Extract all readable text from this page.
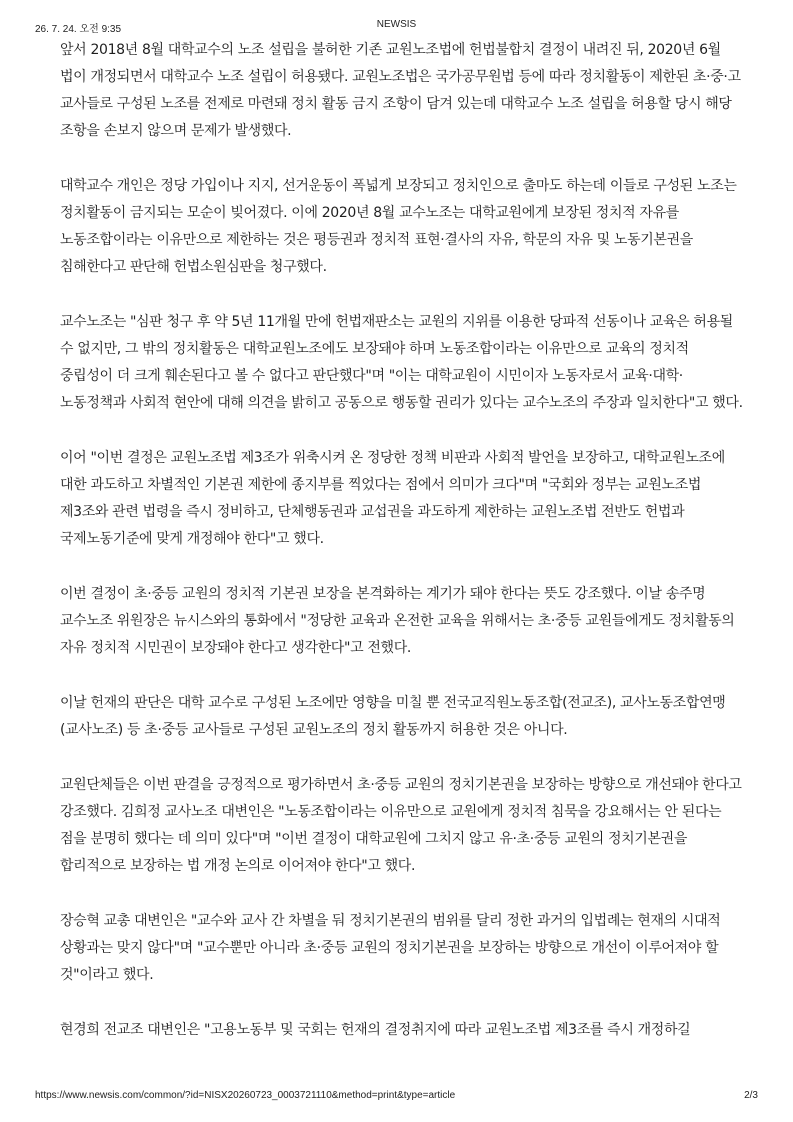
26. 7. 24. 오전 9:35	NEWSIS

앞서 2018년 8월 대학교수의 노조 설립을 불허한 기존 교원노조법에 헌법불합치 결정이 내려진 뒤, 2020년 6월 법이 개정되면서 대학교수 노조 설립이 허용됐다. 교원노조법은 국가공무원법 등에 따라 정치활동이 제한된 초·중·고 교사들로 구성된 노조를 전제로 마련돼 정치 활동 금지 조항이 담겨 있는데 대학교수 노조 설립을 허용할 당시 해당 조항을 손보지 않으며 문제가 발생했다.

대학교수 개인은 정당 가입이나 지지, 선거운동이 폭넓게 보장되고 정치인으로 출마도 하는데 이들로 구성된 노조는 정치활동이 금지되는 모순이 빚어졌다. 이에 2020년 8월 교수노조는 대학교원에게 보장된 정치적 자유를 노동조합이라는 이유만으로 제한하는 것은 평등권과 정치적 표현·결사의 자유, 학문의 자유 및 노동기본권을 침해한다고 판단해 헌법소원심판을 청구했다.

교수노조는 "심판 청구 후 약 5년 11개월 만에 헌법재판소는 교원의 지위를 이용한 당파적 선동이나 교육은 허용될 수 없지만, 그 밖의 정치활동은 대학교원노조에도 보장돼야 하며 노동조합이라는 이유만으로 교육의 정치적 중립성이 더 크게 훼손된다고 볼 수 없다고 판단했다"며 "이는 대학교원이 시민이자 노동자로서 교육·대학·노동정책과 사회적 현안에 대해 의견을 밝히고 공동으로 행동할 권리가 있다는 교수노조의 주장과 일치한다"고 했다.

이어 "이번 결정은 교원노조법 제3조가 위축시켜 온 정당한 정책 비판과 사회적 발언을 보장하고, 대학교원노조에 대한 과도하고 차별적인 기본권 제한에 종지부를 찍었다는 점에서 의미가 크다"며 "국회와 정부는 교원노조법 제3조와 관련 법령을 즉시 정비하고, 단체행동권과 교섭권을 과도하게 제한하는 교원노조법 전반도 헌법과 국제노동기준에 맞게 개정해야 한다"고 했다.

이번 결정이 초·중등 교원의 정치적 기본권 보장을 본격화하는 계기가 돼야 한다는 뜻도 강조했다. 이날 송주명 교수노조 위원장은 뉴시스와의 통화에서 "정당한 교육과 온전한 교육을 위해서는 초·중등 교원들에게도 정치활동의 자유 정치적 시민권이 보장돼야 한다고 생각한다"고 전했다.

이날 헌재의 판단은 대학 교수로 구성된 노조에만 영향을 미칠 뿐 전국교직원노동조합(전교조), 교사노동조합연맹(교사노조) 등 초·중등 교사들로 구성된 교원노조의 정치 활동까지 허용한 것은 아니다.

교원단체들은 이번 판결을 긍정적으로 평가하면서 초·중등 교원의 정치기본권을 보장하는 방향으로 개선돼야 한다고 강조했다. 김희정 교사노조 대변인은 "노동조합이라는 이유만으로 교원에게 정치적 침묵을 강요해서는 안 된다는 점을 분명히 했다는 데 의미 있다"며 "이번 결정이 대학교원에 그치지 않고 유·초·중등 교원의 정치기본권을 합리적으로 보장하는 법 개정 논의로 이어져야 한다"고 했다.

장승혁 교총 대변인은 "교수와 교사 간 차별을 둬 정치기본권의 범위를 달리 정한 과거의 입법례는 현재의 시대적 상황과는 맞지 않다"며 "교수뿐만 아니라 초·중등 교원의 정치기본권을 보장하는 방향으로 개선이 이루어져야 할 것"이라고 했다.

현경희 전교조 대변인은 "고용노동부 및 국회는 헌재의 결정취지에 따라 교원노조법 제3조를 즉시 개정하길

https://www.newsis.com/common/?id=NISX20260723_0003721110&method=print&type=article	2/3
